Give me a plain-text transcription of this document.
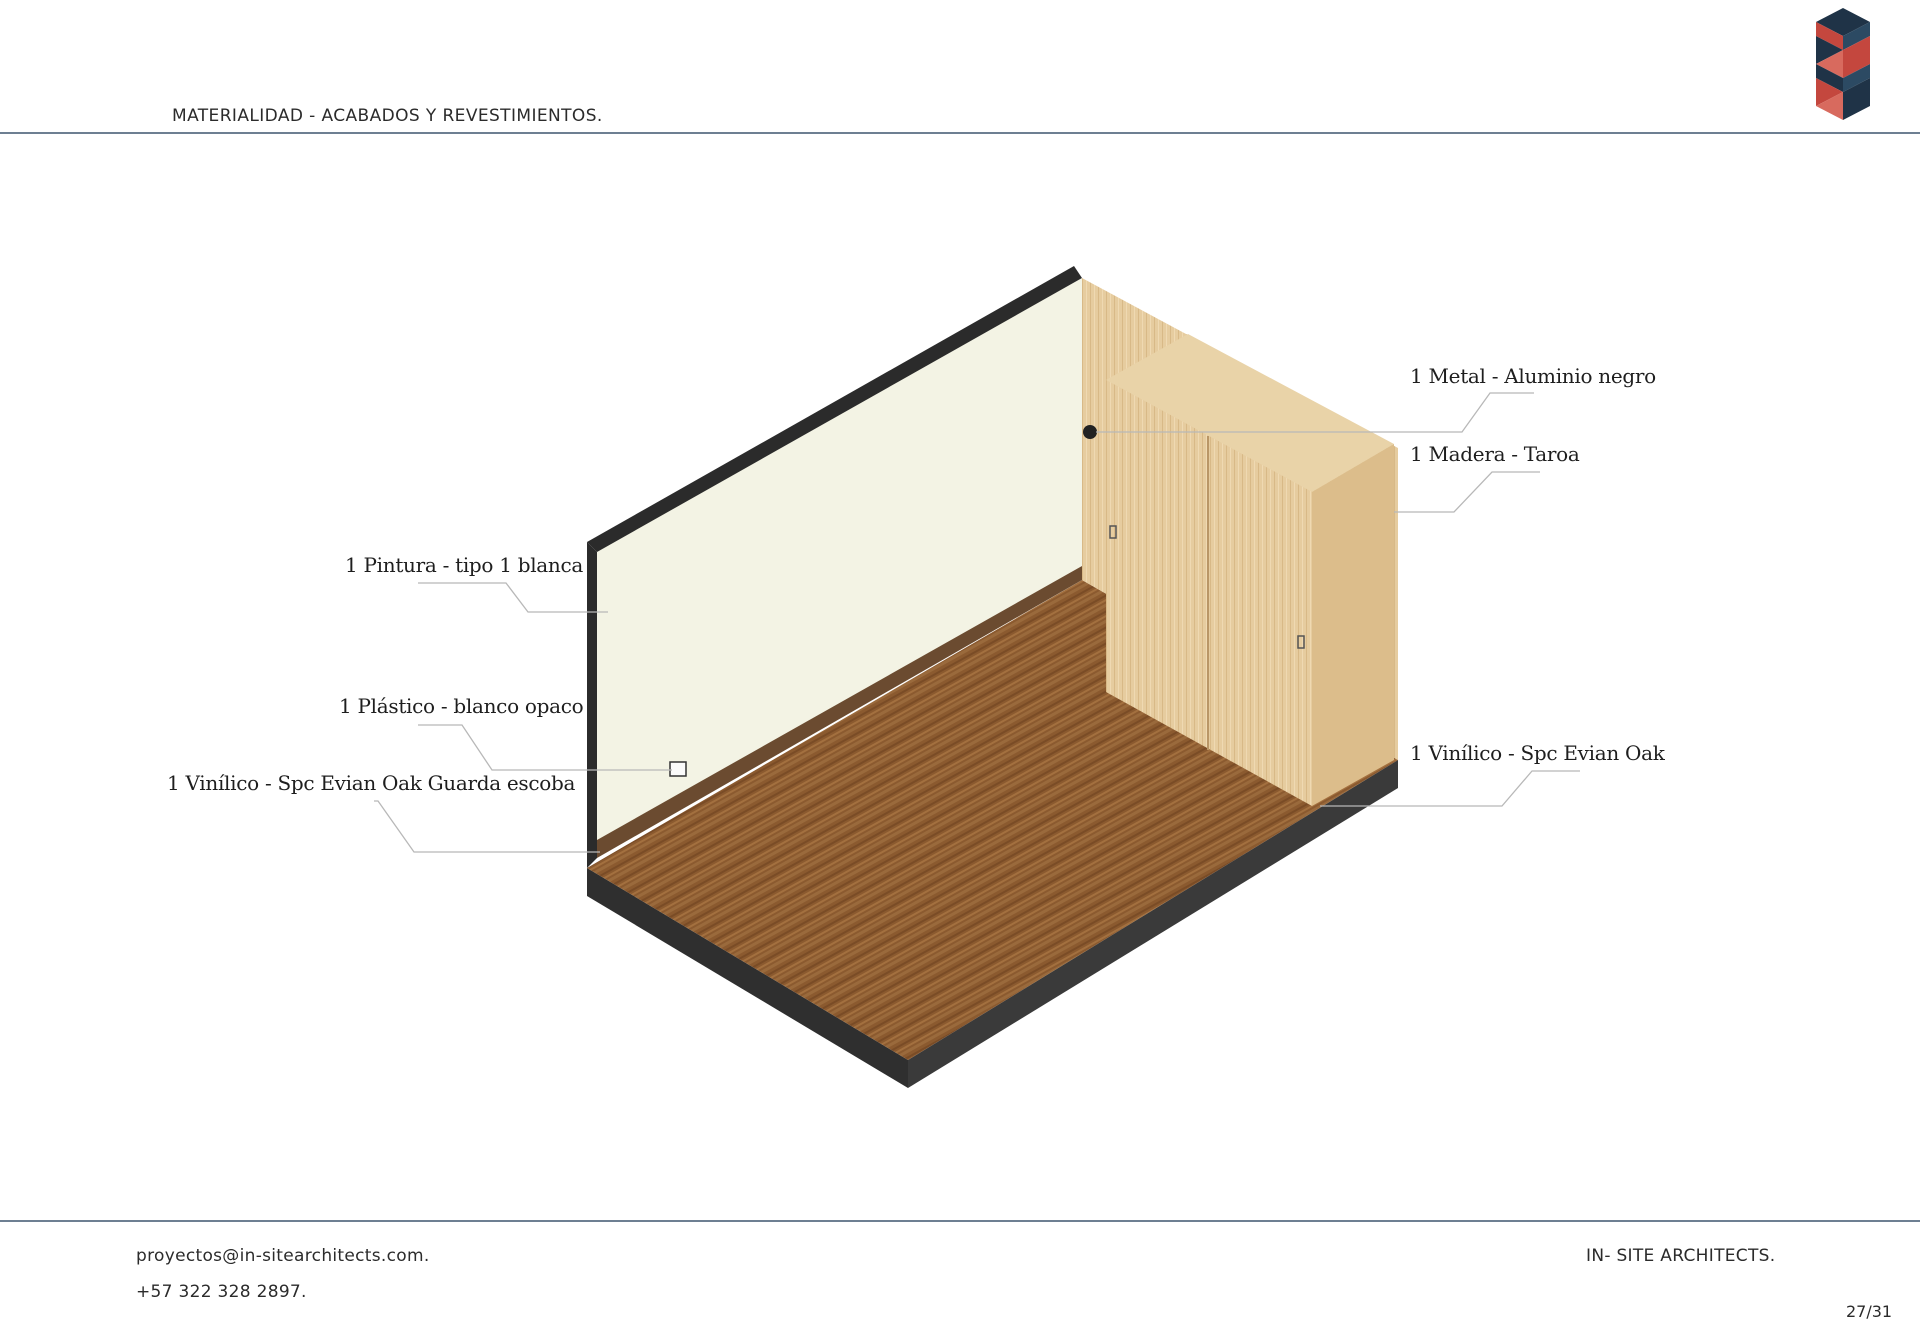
MATERIALIDAD - ACABADOS Y REVESTIMIENTOS.
1 Pintura - tipo 1 blanca
1 Plástico - blanco opaco
1 Vinílico - Spc Evian Oak Guarda escoba
1 Metal - Aluminio negro
1 Madera - Taroa
1 Vinílico - Spc Evian Oak
proyectos@in-sitearchitects.com.
+57 322 328 2897.
IN- SITE ARCHITECTS.
27/31
